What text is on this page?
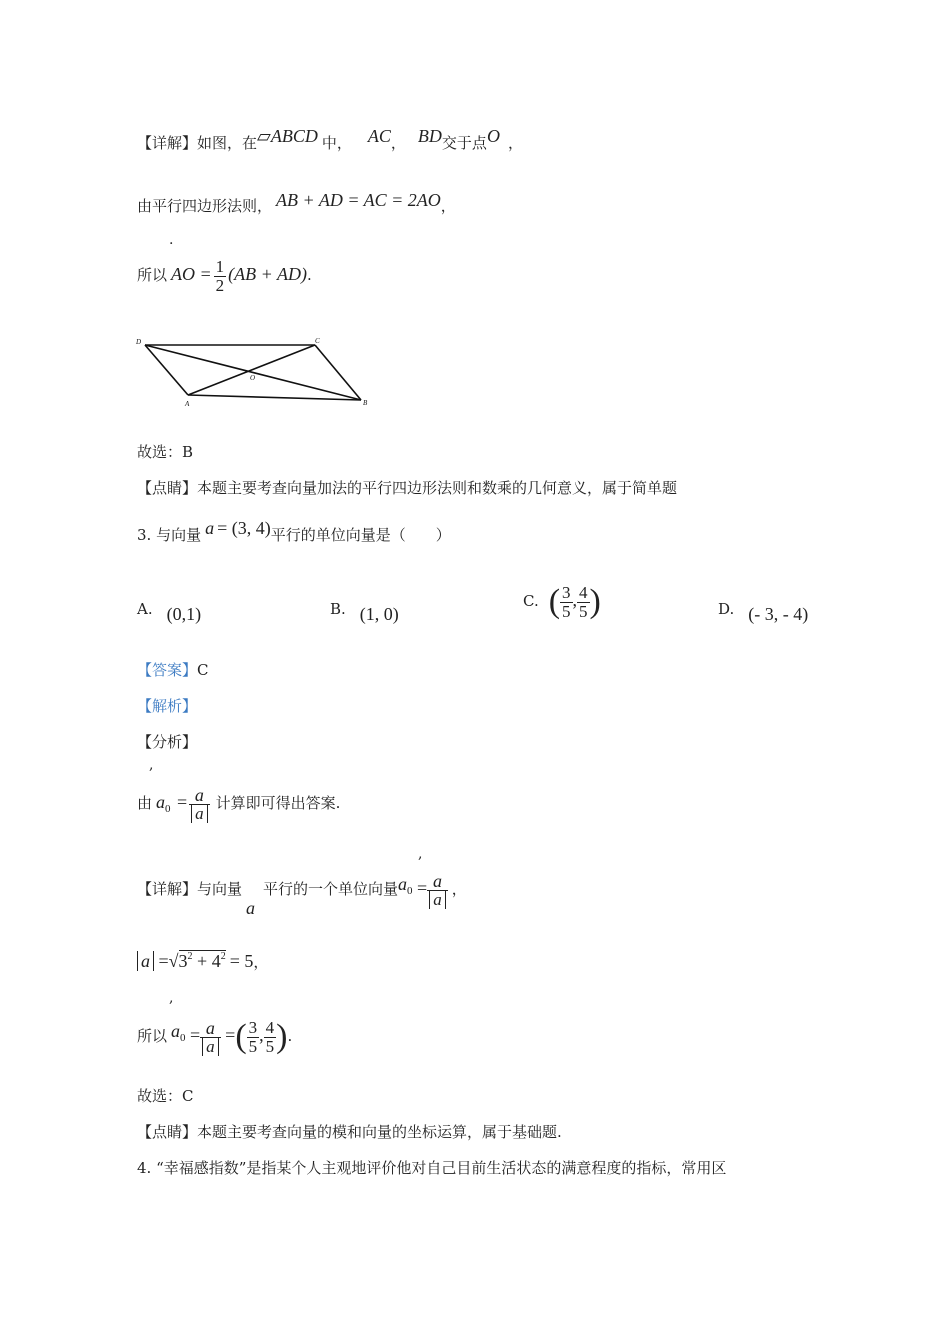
【详解】如图，在▱ABCD 中， AC， BD交于点O ，
由平行四边形法则， AB + AD = AC = 2AO，
.
所以 AO = $\frac{1}{2} (AB + AD)$.
D	C
O
A	B
故选：B
【点睛】本题主要考查向量加法的平行四边形法则和数乘的几何意义，属于简单题
3. 与向量 a = (3, 4)平行的单位向量是（　　）
A. (0,1)	B. (1, 0)
C. ( $\frac{3}{5}$ , $\frac{4}{5}$ )	D. (- 3, - 4)
【答案】C
【解析】
【分析】
,
由 $a_0 = \frac{a}{a}$ 计算即可得出答案.
,
【详解】与向量a平行的一个单位向量$a_0 = \frac{a}{a}$ ，
$a =√3^2 + 4^2 = 5$，
,
所以 $a_0 = \frac{a}{a}$ =( $\frac{3}{5}$ , $\frac{4}{5}$ ).
故选：C
【点睛】本题主要考查向量的模和向量的坐标运算，属于基础题.
4. “幸福感指数”是指某个人主观地评价他对自己目前生活状态的满意程度的指标，常用区
